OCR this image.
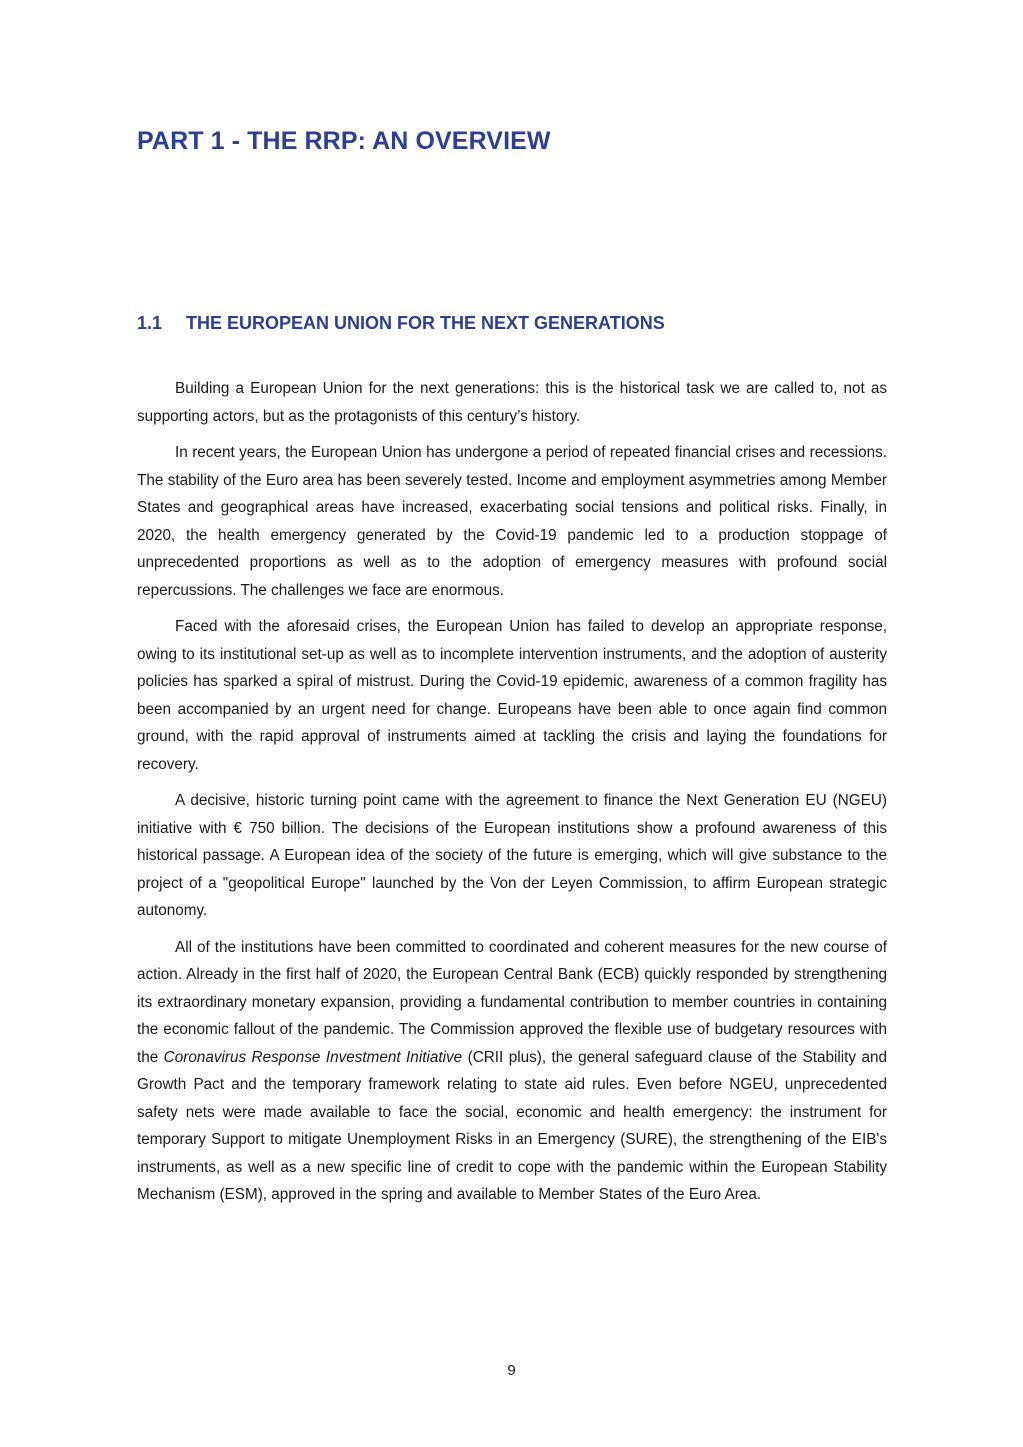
PART 1 - THE RRP: AN OVERVIEW
1.1 THE EUROPEAN UNION FOR THE NEXT GENERATIONS

Building a European Union for the next generations: this is the historical task we are called to, not as supporting actors, but as the protagonists of this century’s history.

In recent years, the European Union has undergone a period of repeated financial crises and recessions. The stability of the Euro area has been severely tested. Income and employment asymmetries among Member States and geographical areas have increased, exacerbating social tensions and political risks. Finally, in 2020, the health emergency generated by the Covid-19 pandemic led to a production stoppage of unprecedented proportions as well as to the adoption of emergency measures with profound social repercussions. The challenges we face are enormous.

Faced with the aforesaid crises, the European Union has failed to develop an appropriate response, owing to its institutional set-up as well as to incomplete intervention instruments, and the adoption of austerity policies has sparked a spiral of mistrust. During the Covid-19 epidemic, awareness of a common fragility has been accompanied by an urgent need for change. Europeans have been able to once again find common ground, with the rapid approval of instruments aimed at tackling the crisis and laying the foundations for recovery.

A decisive, historic turning point came with the agreement to finance the Next Generation EU (NGEU) initiative with € 750 billion. The decisions of the European institutions show a profound awareness of this historical passage. A European idea of the society of the future is emerging, which will give substance to the project of a "geopolitical Europe" launched by the Von der Leyen Commission, to affirm European strategic autonomy.

All of the institutions have been committed to coordinated and coherent measures for the new course of action. Already in the first half of 2020, the European Central Bank (ECB) quickly responded by strengthening its extraordinary monetary expansion, providing a fundamental contribution to member countries in containing the economic fallout of the pandemic. The Commission approved the flexible use of budgetary resources with the Coronavirus Response Investment Initiative (CRII plus), the general safeguard clause of the Stability and Growth Pact and the temporary framework relating to state aid rules. Even before NGEU, unprecedented safety nets were made available to face the social, economic and health emergency: the instrument for temporary Support to mitigate Unemployment Risks in an Emergency (SURE), the strengthening of the EIB's instruments, as well as a new specific line of credit to cope with the pandemic within the European Stability Mechanism (ESM), approved in the spring and available to Member States of the Euro Area.

9
